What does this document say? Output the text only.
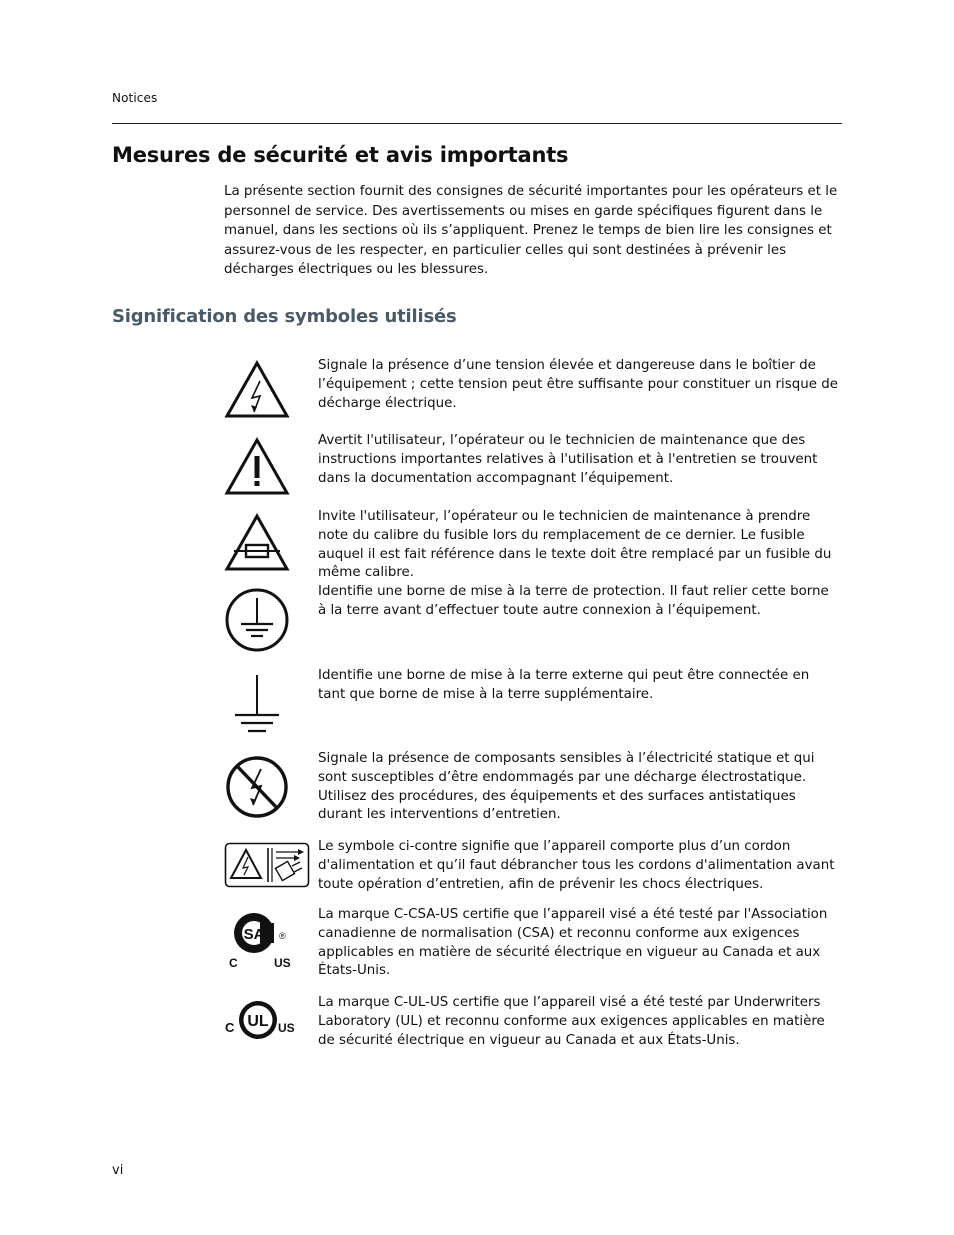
Notices
Mesures de sécurité et avis importants

La présente section fournit des consignes de sécurité importantes pour les opérateurs et le personnel de service. Des avertissements ou mises en garde spécifiques figurent dans le manuel, dans les sections où ils s’appliquent. Prenez le temps de bien lire les consignes et assurez-vous de les respecter, en particulier celles qui sont destinées à prévenir les décharges électriques ou les blessures.

Signification des symboles utilisés

Signale la présence d’une tension élevée et dangereuse dans le boîtier de l’équipement ; cette tension peut être suffisante pour constituer un risque de décharge électrique.

Avertit l'utilisateur, l’opérateur ou le technicien de maintenance que des instructions importantes relatives à l'utilisation et à l'entretien se trouvent dans la documentation accompagnant l’équipement.

Invite l'utilisateur, l’opérateur ou le technicien de maintenance à prendre note du calibre du fusible lors du remplacement de ce dernier. Le fusible auquel il est fait référence dans le texte doit être remplacé par un fusible du même calibre.

Identifie une borne de mise à la terre de protection. Il faut relier cette borne à la terre avant d’effectuer toute autre connexion à l’équipement.

Identifie une borne de mise à la terre externe qui peut être connectée en tant que borne de mise à la terre supplémentaire.

Signale la présence de composants sensibles à l’électricité statique et qui sont susceptibles d’être endommagés par une décharge électrostatique. Utilisez des procédures, des équipements et des surfaces antistatiques durant les interventions d’entretien.

Le symbole ci-contre signifie que l’appareil comporte plus d’un cordon d'alimentation et qu’il faut débrancher tous les cordons d'alimentation avant toute opération d’entretien, afin de prévenir les chocs électriques.

SA ®
C	US

La marque C-CSA-US certifie que l’appareil visé a été testé par l'Association canadienne de normalisation (CSA) et reconnu conforme aux exigences applicables en matière de sécurité électrique en vigueur au Canada et aux États-Unis.

UL
C	US

La marque C-UL-US certifie que l’appareil visé a été testé par Underwriters Laboratory (UL) et reconnu conforme aux exigences applicables en matière de sécurité électrique en vigueur au Canada et aux États-Unis.

vi
